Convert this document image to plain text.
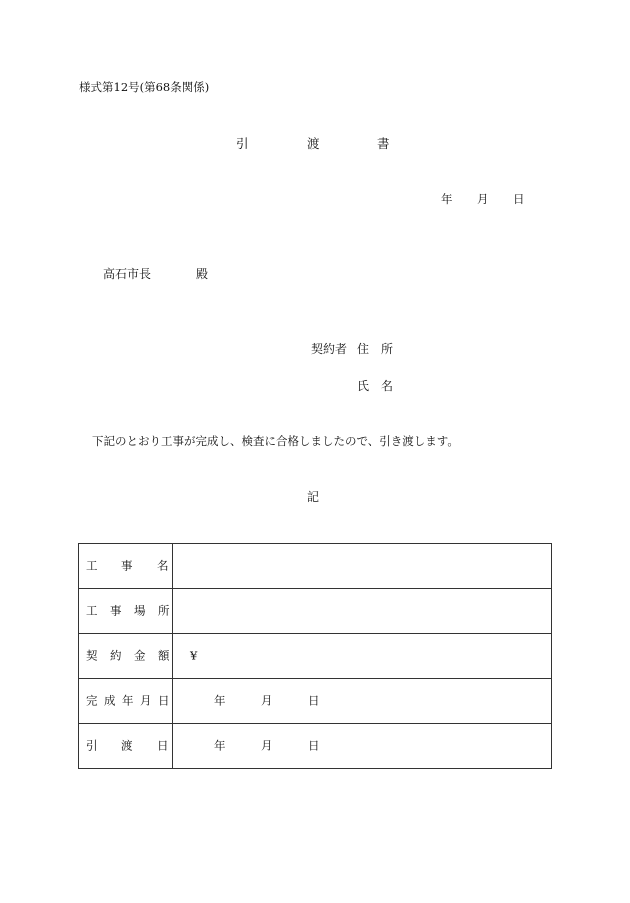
様式第12号(第68条関係)
引	渡	書
年 月 日
高石市長	殿
契約者 住　所
氏　名
下記のとおり工事が完成し、検査に合格しましたので、引き渡します。
記
工 事 名	

工 事 場 所	

契 約 金 額	¥

完 成 年 月 日	年 月 日

引 渡 日	年 月 日
